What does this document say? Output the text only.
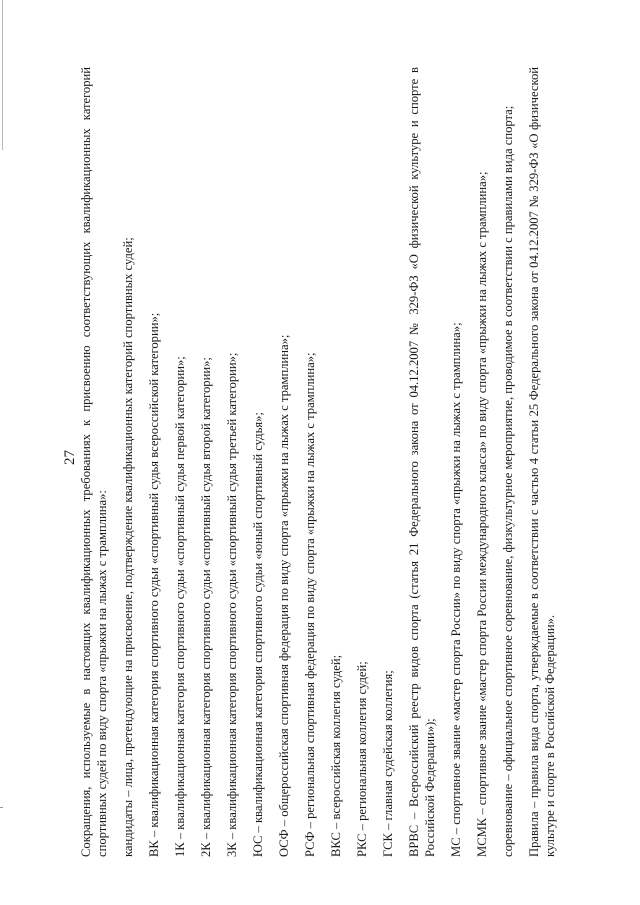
27 Сокращения, используемые в настоящих квалификационных требованиях к присвоению соответствующих квалификационных категорий спортивных судей по виду спорта «прыжки на лыжах с трамплина»: кандидаты – лица, претендующие на присвоение, подтверждение квалификационных категорий спортивных судей; ВК – квалификационная категория спортивного судьи «спортивный судья всероссийской категории»; 1К – квалификационная категория спортивного судьи «спортивный судья первой категории»; 2К – квалификационная категория спортивного судьи «спортивный судья второй категории»; 3К – квалификационная категория спортивного судьи «спортивный судья третьей категории»; ЮС – квалификационная категория спортивного судьи «юный спортивный судья»; ОСФ – общероссийская спортивная федерация по виду спорта «прыжки на лыжах с трамплина»; РСФ – региональная спортивная федерация по виду спорта «прыжки на лыжах с трамплина»; ВКС – всероссийская коллегия судей; РКС – региональная коллегия судей; ГСК – главная судейская коллегия; ВРВС – Всероссийский реестр видов спорта (статья 21 Федерального закона от 04.12.2007 № 329-ФЗ «О физической культуре и спорте в Российской Федерации»); МС – спортивное звание «мастер спорта России» по виду спорта «прыжки на лыжах с трамплина»; МСМК – спортивное звание «мастер спорта России международного класса» по виду спорта «прыжки на лыжах с трамплина»; соревнование – официальное спортивное соревнование, физкультурное мероприятие, проводимое в соответствии с правилами вида спорта; Правила – правила вида спорта, утверждаемые в соответствии с частью 4 статьи 25 Федерального закона от 04.12.2007 № 329-ФЗ «О физической культуре и спорте в Российской Федерации».
